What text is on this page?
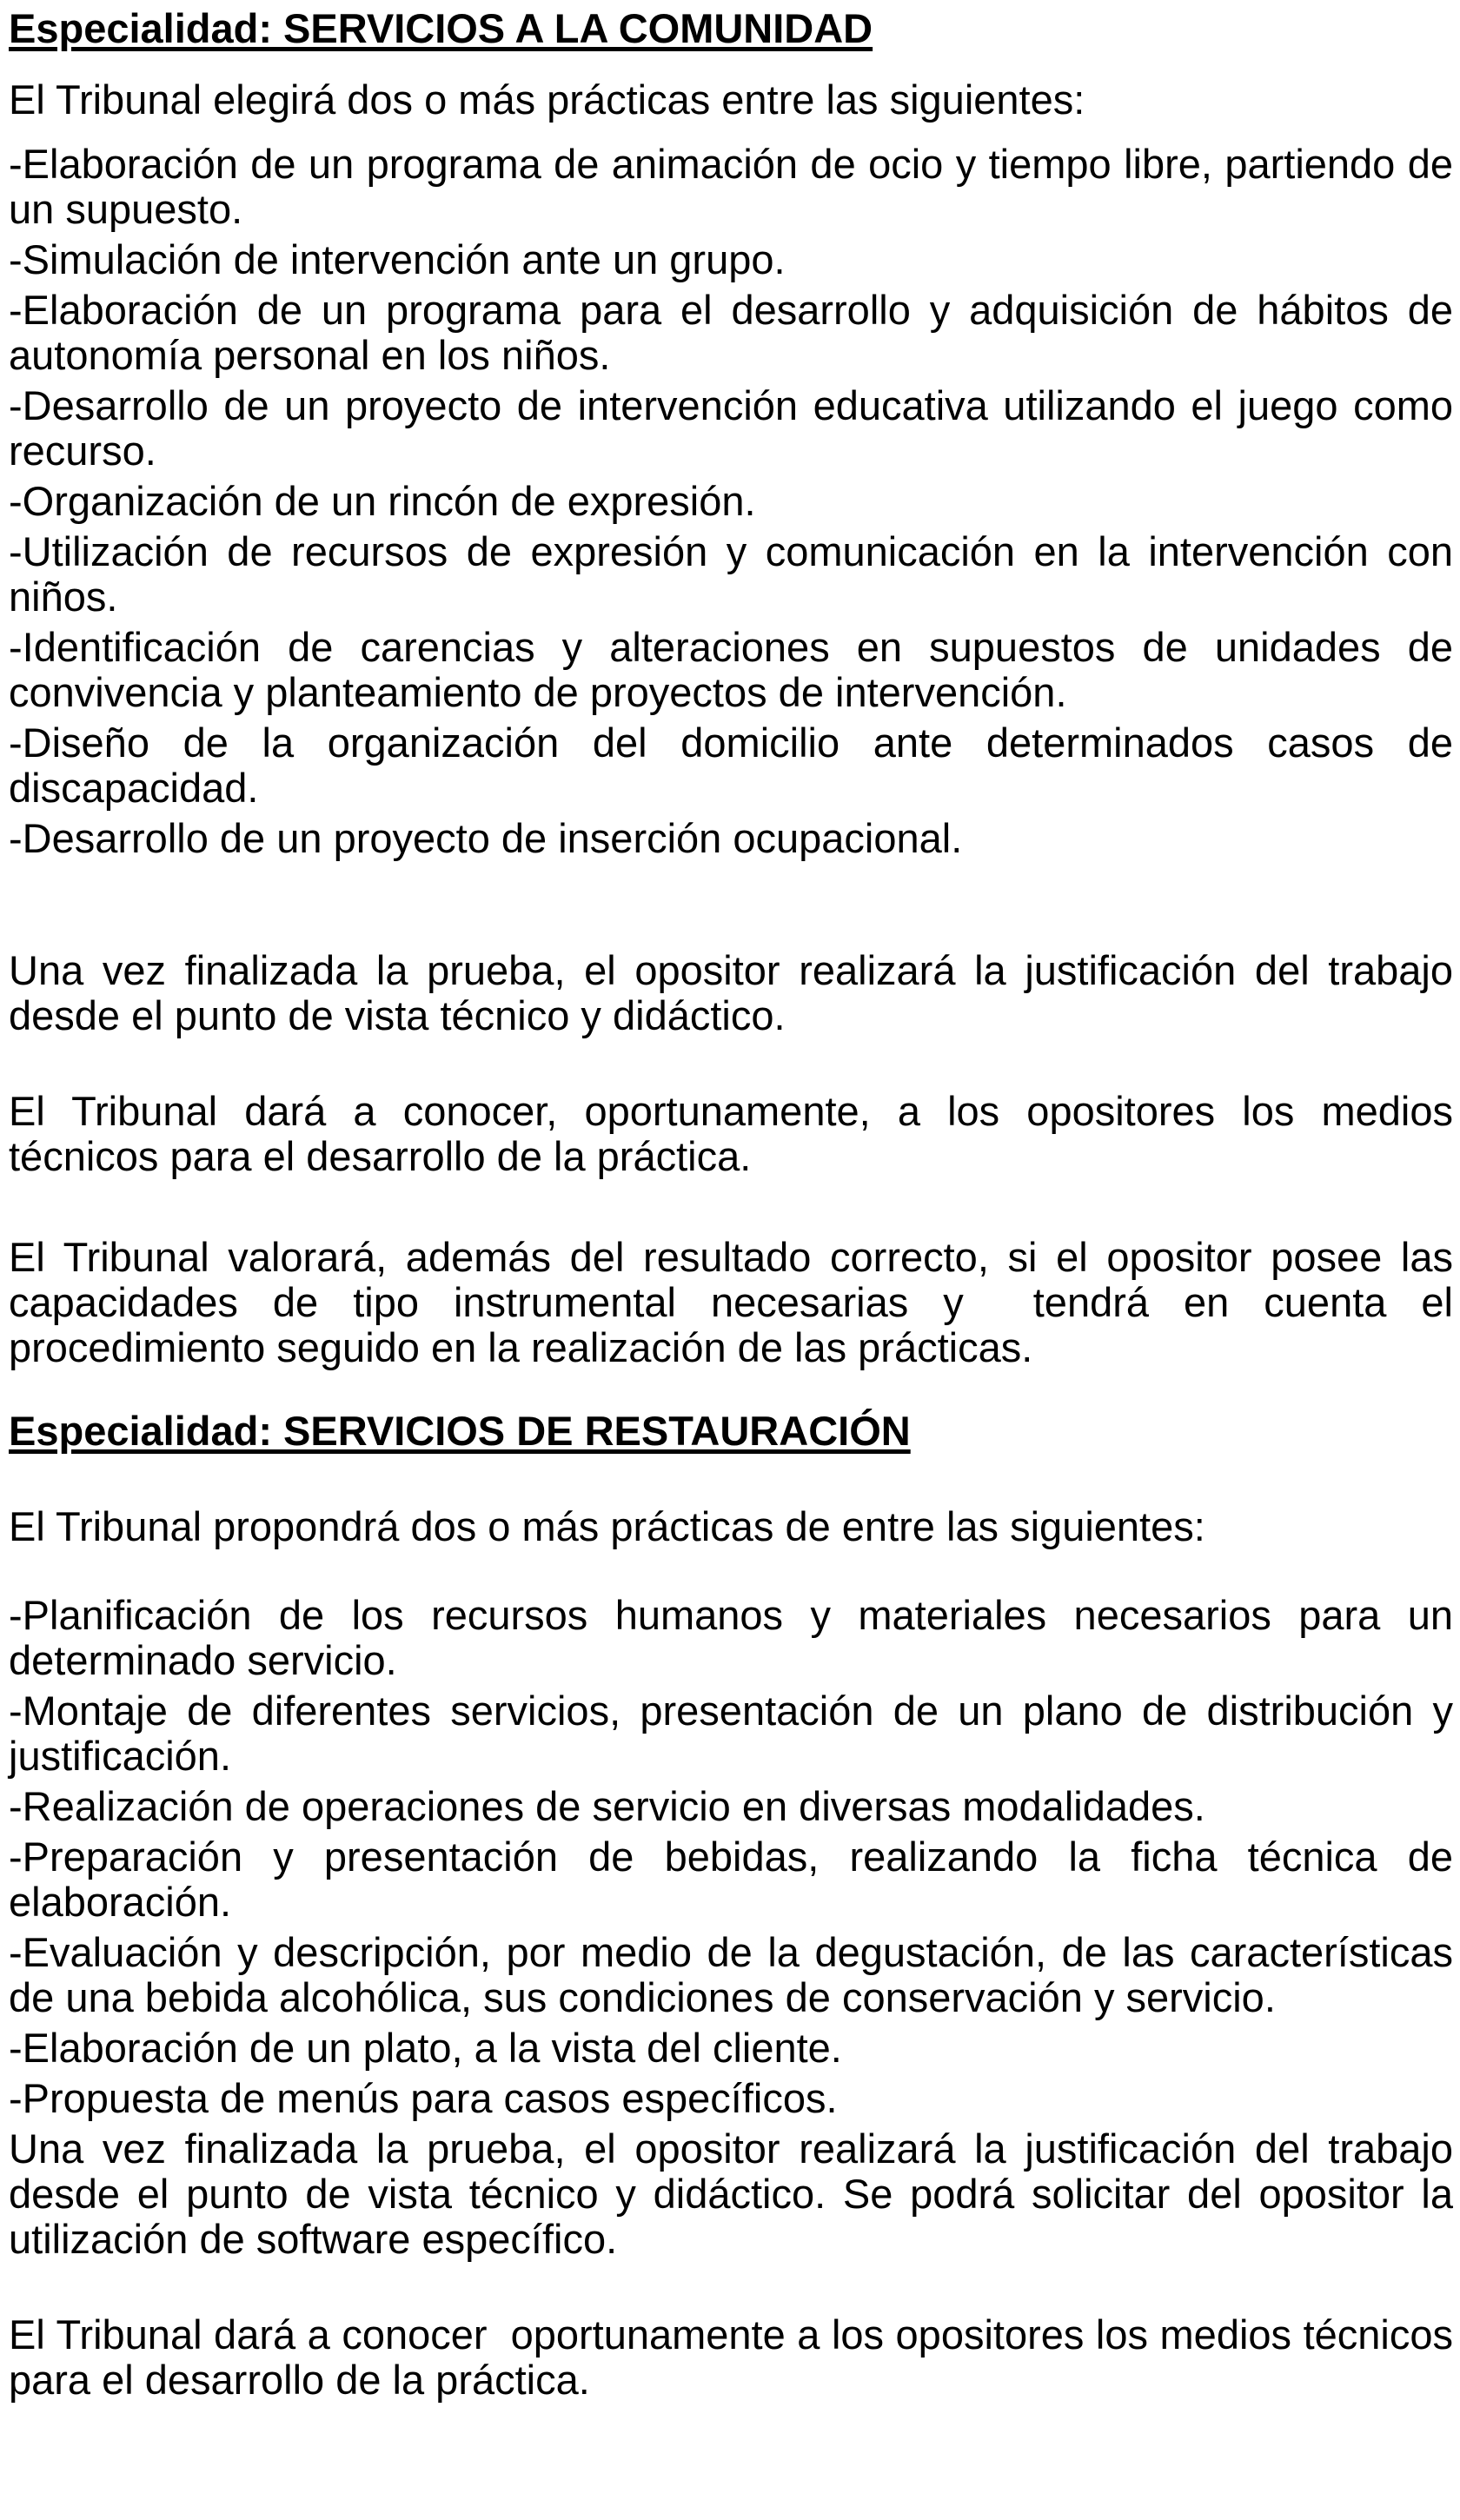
Especialidad: SERVICIOS A LA COMUNIDAD

El Tribunal elegirá dos o más prácticas entre las siguientes:

-Elaboración de un programa de animación de ocio y tiempo libre, partiendo de un supuesto.

-Simulación de intervención ante un grupo.

-Elaboración de un programa para el desarrollo y adquisición de hábitos de autonomía personal en los niños.

-Desarrollo de un proyecto de intervención educativa utilizando el juego como recurso.

-Organización de un rincón de expresión.

-Utilización de recursos de expresión y comunicación en la intervención con niños.

-Identificación de carencias y alteraciones en supuestos de unidades de convivencia y planteamiento de proyectos de intervención.

-Diseño de la organización del domicilio ante determinados casos de discapacidad.

-Desarrollo de un proyecto de inserción ocupacional.

Una vez finalizada la prueba, el opositor realizará la justificación del trabajo desde el punto de vista técnico y didáctico.

El Tribunal dará a conocer, oportunamente, a los opositores los medios técnicos para el desarrollo de la práctica.

El Tribunal valorará, además del resultado correcto, si el opositor posee las capacidades de tipo instrumental necesarias y  tendrá en cuenta el procedimiento seguido en la realización de las prácticas.

Especialidad: SERVICIOS DE RESTAURACIÓN

El Tribunal propondrá dos o más prácticas de entre las siguientes:

-Planificación de los recursos humanos y materiales necesarios para un determinado servicio.

-Montaje de diferentes servicios, presentación de un plano de distribución y justificación.

-Realización de operaciones de servicio en diversas modalidades.

-Preparación y presentación de bebidas, realizando la ficha técnica de elaboración.

-Evaluación y descripción, por medio de la degustación, de las características de una bebida alcohólica, sus condiciones de conservación y servicio.

-Elaboración de un plato, a la vista del cliente.

-Propuesta de menús para casos específicos.

Una vez finalizada la prueba, el opositor realizará la justificación del trabajo desde el punto de vista técnico y didáctico. Se podrá solicitar del opositor la utilización de software específico.

El Tribunal dará a conocer  oportunamente a los opositores los medios técnicos para el desarrollo de la práctica.
